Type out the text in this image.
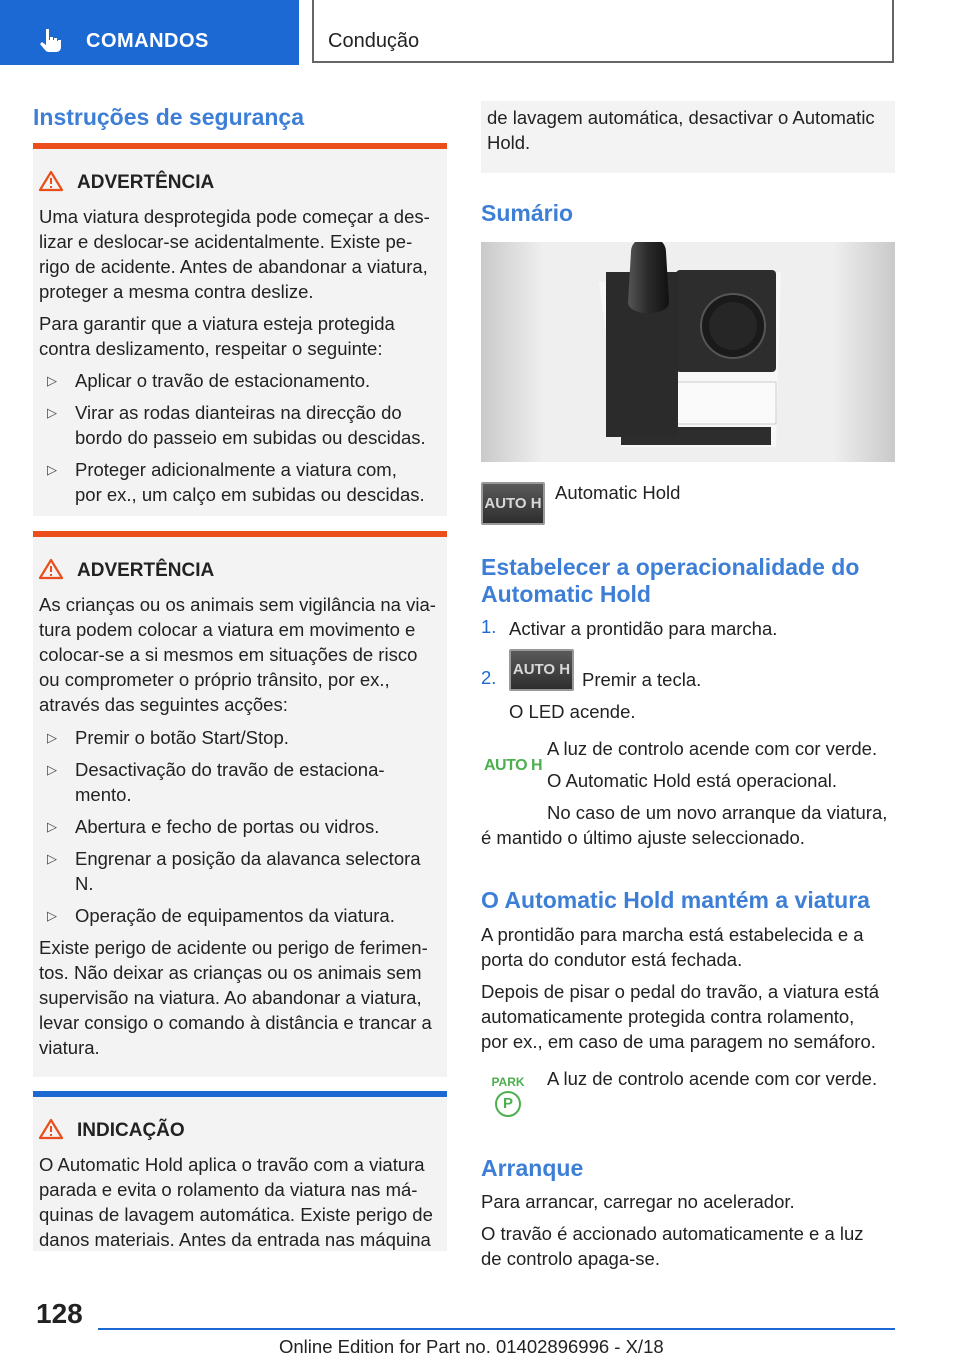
COMANDOS	Condução
Instruções de segurança
ADVERTÊNCIA
Uma viatura desprotegida pode começar a des-
lizar e deslocar-se acidentalmente. Existe pe-
rigo de acidente. Antes de abandonar a viatura,
proteger a mesma contra deslize.
Para garantir que a viatura esteja protegida
contra deslizamento, respeitar o seguinte:
▷ Aplicar o travão de estacionamento.
▷ Virar as rodas dianteiras na direcção do
bordo do passeio em subidas ou descidas.
▷ Proteger adicionalmente a viatura com,
por ex., um calço em subidas ou descidas.
ADVERTÊNCIA
As crianças ou os animais sem vigilância na via-
tura podem colocar a viatura em movimento e
colocar-se a si mesmos em situações de risco
ou comprometer o próprio trânsito, por ex.,
através das seguintes acções:
▷ Premir o botão Start/Stop.
▷ Desactivação do travão de estaciona-
mento.
▷ Abertura e fecho de portas ou vidros.
▷ Engrenar a posição da alavanca selectora
N.
▷ Operação de equipamentos da viatura.
Existe perigo de acidente ou perigo de ferimen-
tos. Não deixar as crianças ou os animais sem
supervisão na viatura. Ao abandonar a viatura,
levar consigo o comando à distância e trancar a
viatura.
INDICAÇÃO
O Automatic Hold aplica o travão com a viatura
parada e evita o rolamento da viatura nas má-
quinas de lavagem automática. Existe perigo de
danos materiais. Antes da entrada nas máquina
de lavagem automática, desactivar o Automatic
Hold.
Sumário
AUTO H
Automatic Hold
Estabelecer a operacionalidade do
Automatic Hold
1. Activar a prontidão para marcha.
2. AUTO H Premir a tecla.
O LED acende.
AUTO H
A luz de controlo acende com cor verde.
O Automatic Hold está operacional.
No caso de um novo arranque da viatura,
é mantido o último ajuste seleccionado.
O Automatic Hold mantém a viatura
A prontidão para marcha está estabelecida e a
porta do condutor está fechada.
Depois de pisar o pedal do travão, a viatura está
automaticamente protegida contra rolamento,
por ex., em caso de uma paragem no semáforo.
PARK
P
A luz de controlo acende com cor verde.
Arranque
Para arrancar, carregar no acelerador.
O travão é accionado automaticamente e a luz
de controlo apaga-se.
128
Online Edition for Part no. 01402896996 - X/18
